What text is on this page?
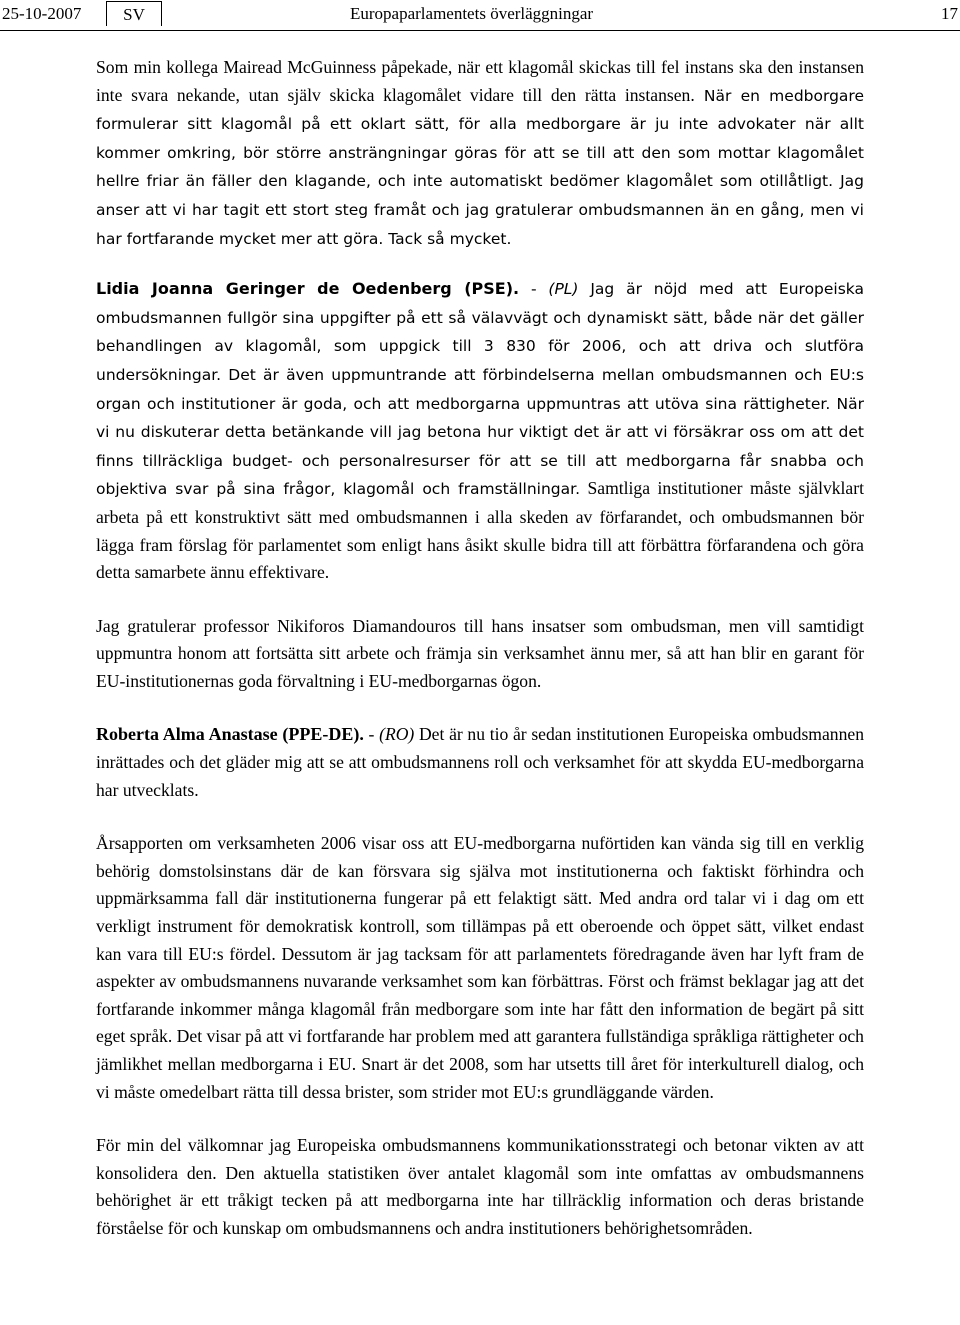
25-10-2007	SV	Europaparlamentets överläggningar	17

Som min kollega Mairead McGuinness påpekade, när ett klagomål skickas till fel instans ska den instansen inte svara nekande, utan själv skicka klagomålet vidare till den rätta instansen. När en medborgare formulerar sitt klagomål på ett oklart sätt, för alla medborgare är ju inte advokater när allt kommer omkring, bör större ansträngningar göras för att se till att den som mottar klagomålet hellre friar än fäller den klagande, och inte automatiskt bedömer klagomålet som otillåtligt. Jag anser att vi har tagit ett stort steg framåt och jag gratulerar ombudsmannen än en gång, men vi har fortfarande mycket mer att göra. Tack så mycket.

Lidia Joanna Geringer de Oedenberg (PSE). - (PL) Jag är nöjd med att Europeiska ombudsmannen fullgör sina uppgifter på ett så välavvägt och dynamiskt sätt, både när det gäller behandlingen av klagomål, som uppgick till 3 830 för 2006, och att driva och slutföra undersökningar. Det är även uppmuntrande att förbindelserna mellan ombudsmannen och EU:s organ och institutioner är goda, och att medborgarna uppmuntras att utöva sina rättigheter. När vi nu diskuterar detta betänkande vill jag betona hur viktigt det är att vi försäkrar oss om att det finns tillräckliga budget- och personalresurser för att se till att medborgarna får snabba och objektiva svar på sina frågor, klagomål och framställningar. Samtliga institutioner måste självklart arbeta på ett konstruktivt sätt med ombudsmannen i alla skeden av förfarandet, och ombudsmannen bör lägga fram förslag för parlamentet som enligt hans åsikt skulle bidra till att förbättra förfarandena och göra detta samarbete ännu effektivare.

Jag gratulerar professor Nikiforos Diamandouros till hans insatser som ombudsman, men vill samtidigt uppmuntra honom att fortsätta sitt arbete och främja sin verksamhet ännu mer, så att han blir en garant för EU-institutionernas goda förvaltning i EU-medborgarnas ögon.

Roberta Alma Anastase (PPE-DE). - (RO) Det är nu tio år sedan institutionen Europeiska ombudsmannen inrättades och det gläder mig att se att ombudsmannens roll och verksamhet för att skydda EU-medborgarna har utvecklats.

Årsapporten om verksamheten 2006 visar oss att EU-medborgarna nuförtiden kan vända sig till en verklig behörig domstolsinstans där de kan försvara sig själva mot institutionerna och faktiskt förhindra och uppmärksamma fall där institutionerna fungerar på ett felaktigt sätt. Med andra ord talar vi i dag om ett verkligt instrument för demokratisk kontroll, som tillämpas på ett oberoende och öppet sätt, vilket endast kan vara till EU:s fördel. Dessutom är jag tacksam för att parlamentets föredragande även har lyft fram de aspekter av ombudsmannens nuvarande verksamhet som kan förbättras. Först och främst beklagar jag att det fortfarande inkommer många klagomål från medborgare som inte har fått den information de begärt på sitt eget språk. Det visar på att vi fortfarande har problem med att garantera fullständiga språkliga rättigheter och jämlikhet mellan medborgarna i EU. Snart är det 2008, som har utsetts till året för interkulturell dialog, och vi måste omedelbart rätta till dessa brister, som strider mot EU:s grundläggande värden.

För min del välkomnar jag Europeiska ombudsmannens kommunikationsstrategi och betonar vikten av att konsolidera den. Den aktuella statistiken över antalet klagomål som inte omfattas av ombudsmannens behörighet är ett tråkigt tecken på att medborgarna inte har tillräcklig information och deras bristande förståelse för och kunskap om ombudsmannens och andra institutioners behörighetsområden.
